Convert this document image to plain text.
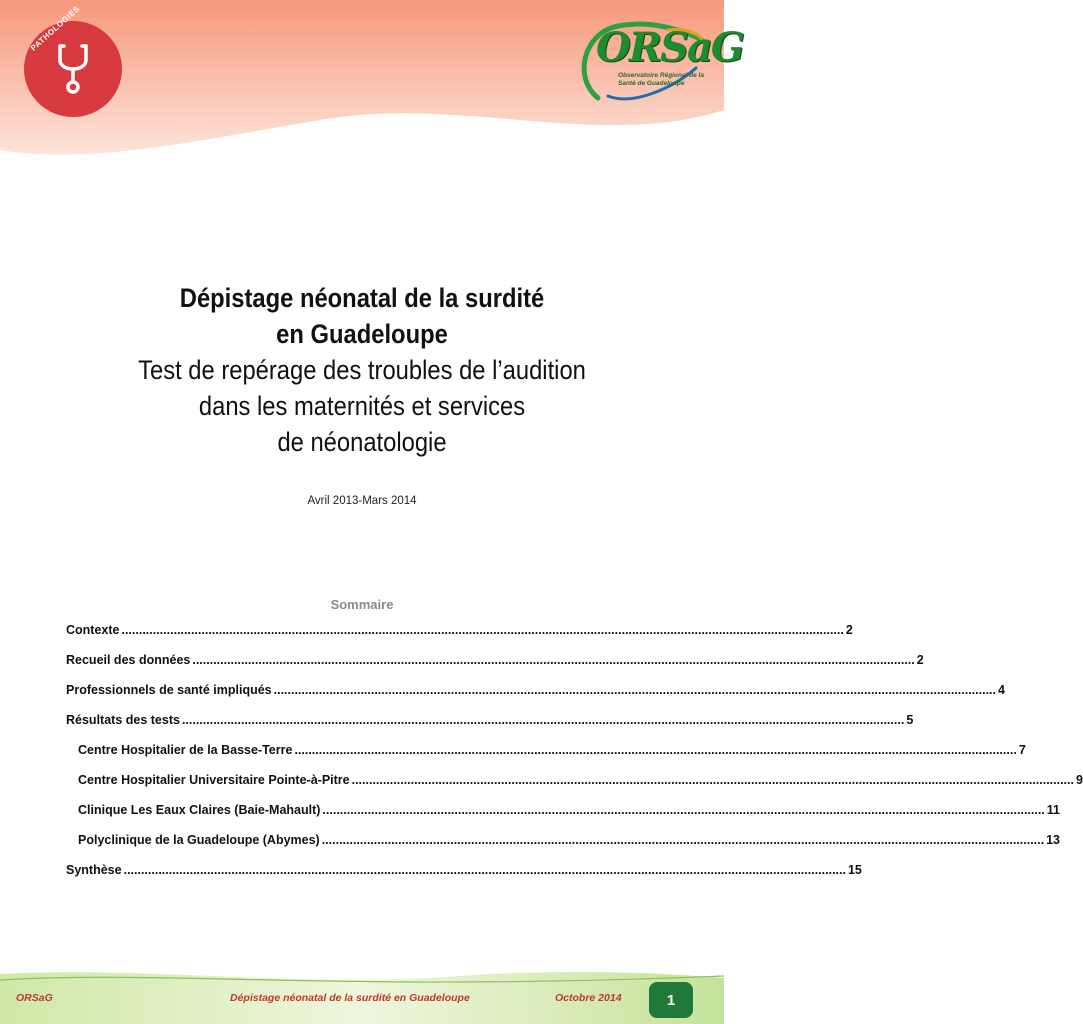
PATHOLOGIES	ORSaG
Observatoire Régional de la Santé de Guadeloupe
Dépistage néonatal de la surdité
en Guadeloupe
Test de repérage des troubles de l’audition
dans les maternités et services
de néonatologie
Avril 2013-Mars 2014
Sommaire
Contexte .....	2
Recueil des données .....	2
Professionnels de santé impliqués .....	4
Résultats des tests .....	5
Centre Hospitalier de la Basse-Terre .....	7
Centre Hospitalier Universitaire Pointe-à-Pitre .....	9
Clinique Les Eaux Claires (Baie-Mahault) .....	11
Polyclinique de la Guadeloupe (Abymes) .....	13
Synthèse .....	15
ORSaG	Dépistage néonatal de la surdité en Guadeloupe	Octobre 2014	1
